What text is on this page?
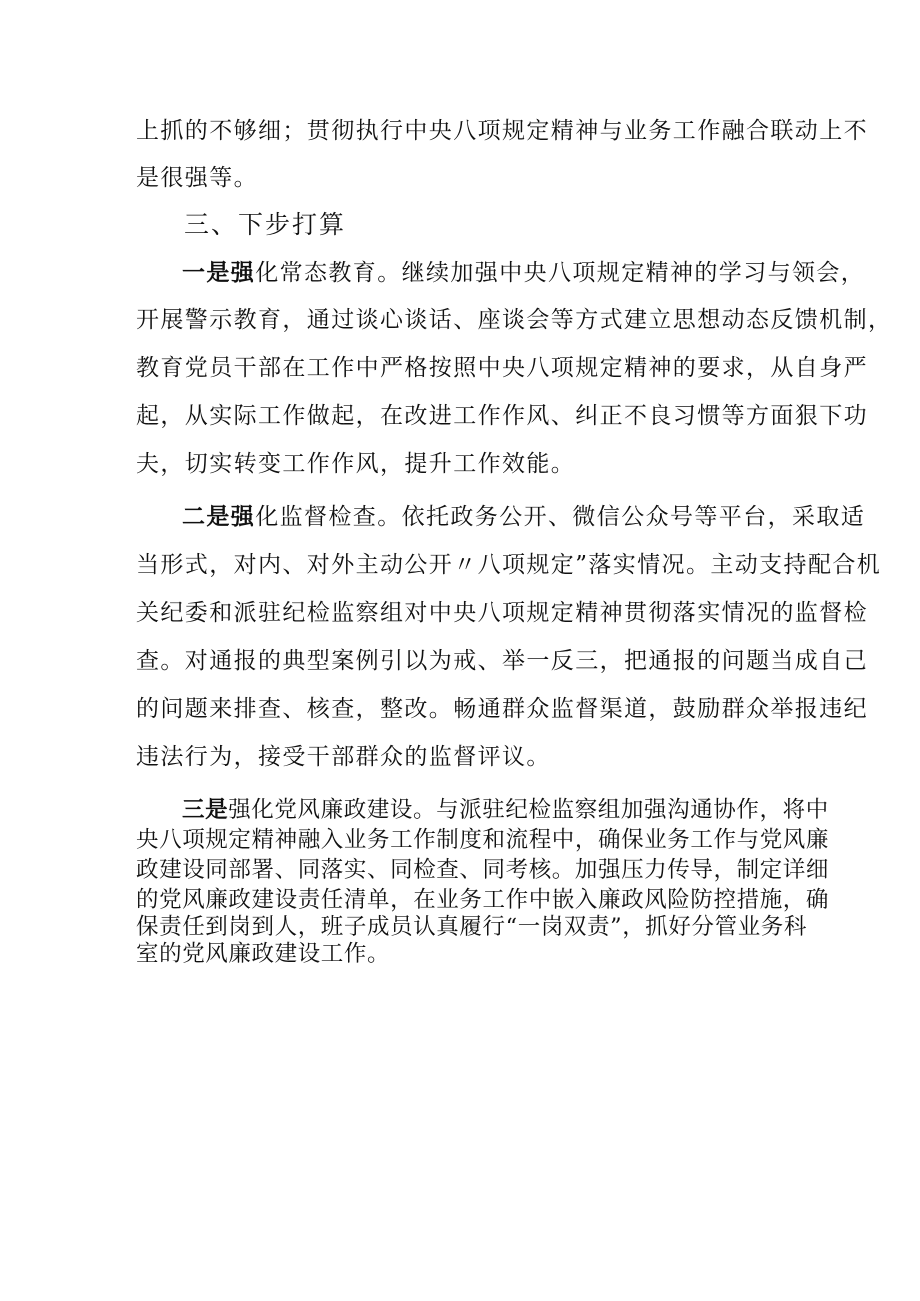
上抓的不够细；贯彻执行中央八项规定精神与业务工作融合联动上不
是很强等。
三、下步打算
一是强化常态教育。继续加强中央八项规定精神的学习与领会，
开展警示教育，通过谈心谈话、座谈会等方式建立思想动态反馈机制，
教育党员干部在工作中严格按照中央八项规定精神的要求，从自身严
起，从实际工作做起，在改进工作作风、纠正不良习惯等方面狠下功
夫，切实转变工作作风，提升工作效能。
二是强化监督检查。依托政务公开、微信公众号等平台，采取适
当形式，对内、对外主动公开〃八项规定”落实情况。主动支持配合机
关纪委和派驻纪检监察组对中央八项规定精神贯彻落实情况的监督检
查。对通报的典型案例引以为戒、举一反三，把通报的问题当成自己
的问题来排查、核查，整改。畅通群众监督渠道，鼓励群众举报违纪
违法行为，接受干部群众的监督评议。
三是强化党风廉政建设。与派驻纪检监察组加强沟通协作，将中
央八项规定精神融入业务工作制度和流程中，确保业务工作与党风廉
政建设同部署、同落实、同检查、同考核。加强压力传导，制定详细
的党风廉政建设责任清单，在业务工作中嵌入廉政风险防控措施，确
保责任到岗到人，班子成员认真履行“一岗双责”，抓好分管业务科
室的党风廉政建设工作。
